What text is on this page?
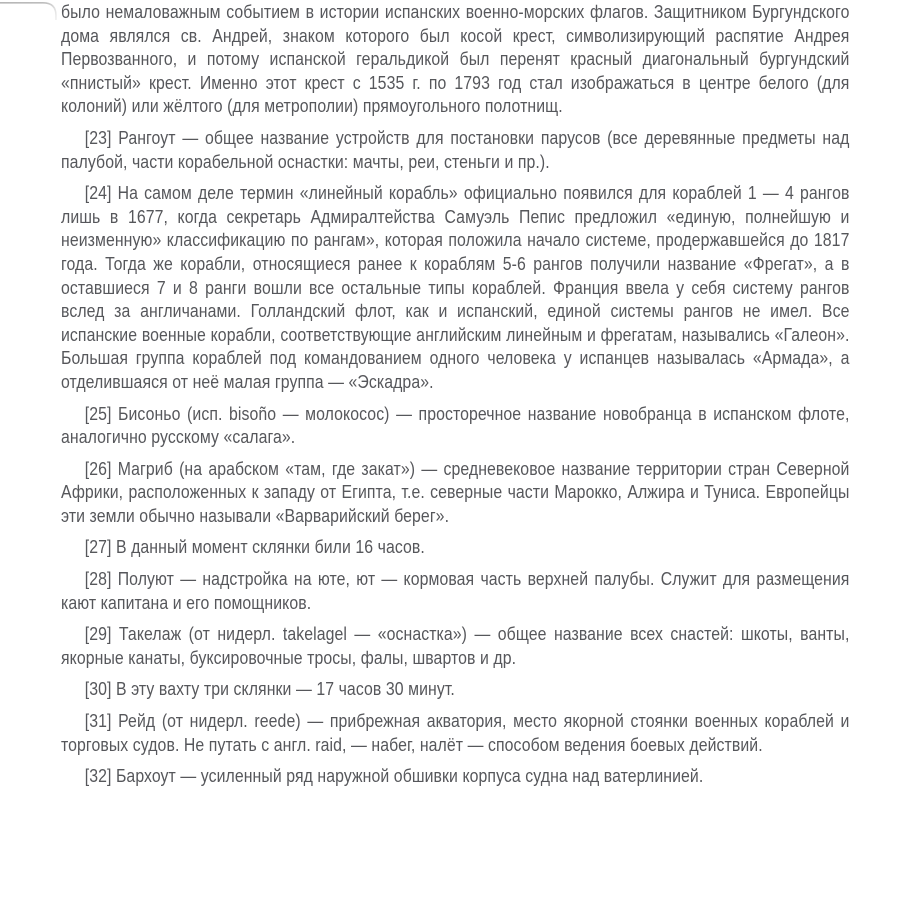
было немаловажным событием в истории испанских военно-морских флагов. Защитником Бургундского дома являлся св. Андрей, знаком которого был косой крест, символизирующий распятие Андрея Первозванного, и потому испанской геральдикой был перенят красный диагональный бургундский «пнистый» крест. Именно этот крест с 1535 г. по 1793 год стал изображаться в центре белого (для колоний) или жёлтого (для метрополии) прямоугольного полотнищ.

[23] Рангоут — общее название устройств для постановки парусов (все деревянные предметы над палубой, части корабельной оснастки: мачты, реи, стеньги и пр.).

[24] На самом деле термин «линейный корабль» официально появился для кораблей 1 — 4 рангов лишь в 1677, когда секретарь Адмиралтейства Самуэль Пепис предложил «единую, полнейшую и неизменную» классификацию по рангам», которая положила начало системе, продержавшейся до 1817 года. Тогда же корабли, относящиеся ранее к кораблям 5-6 рангов получили название «Фрегат», а в оставшиеся 7 и 8 ранги вошли все остальные типы кораблей. Франция ввела у себя систему рангов вслед за англичанами. Голландский флот, как и испанский, единой системы рангов не имел. Все испанские военные корабли, соответствующие английским линейным и фрегатам, назывались «Галеон». Большая группа кораблей под командованием одного человека у испанцев называлась «Армада», а отделившаяся от неё малая группа — «Эскадра».

[25] Бисоньо (исп. bisoño — молокосос) — просторечное название новобранца в испанском флоте, аналогично русскому «салага».

[26] Магриб (на арабском «там, где закат») — средневековое название территории стран Северной Африки, расположенных к западу от Египта, т.е. северные части Марокко, Алжира и Туниса. Европейцы эти земли обычно называли «Варварийский берег».

[27] В данный момент склянки били 16 часов.

[28] Полуют — надстройка на юте, ют — кормовая часть верхней палубы. Служит для размещения кают капитана и его помощников.

[29] Такелаж (от нидерл. takelagel — «оснастка») — общее название всех снастей: шкоты, ванты, якорные канаты, буксировочные тросы, фалы, швартов и др.

[30] В эту вахту три склянки — 17 часов 30 минут.

[31] Рейд (от нидерл. reede) — прибрежная акватория, место якорной стоянки военных кораблей и торговых судов. Не путать с англ. raid, — набег, налёт — способом ведения боевых действий.

[32] Бархоут — усиленный ряд наружной обшивки корпуса судна над ватерлинией.
